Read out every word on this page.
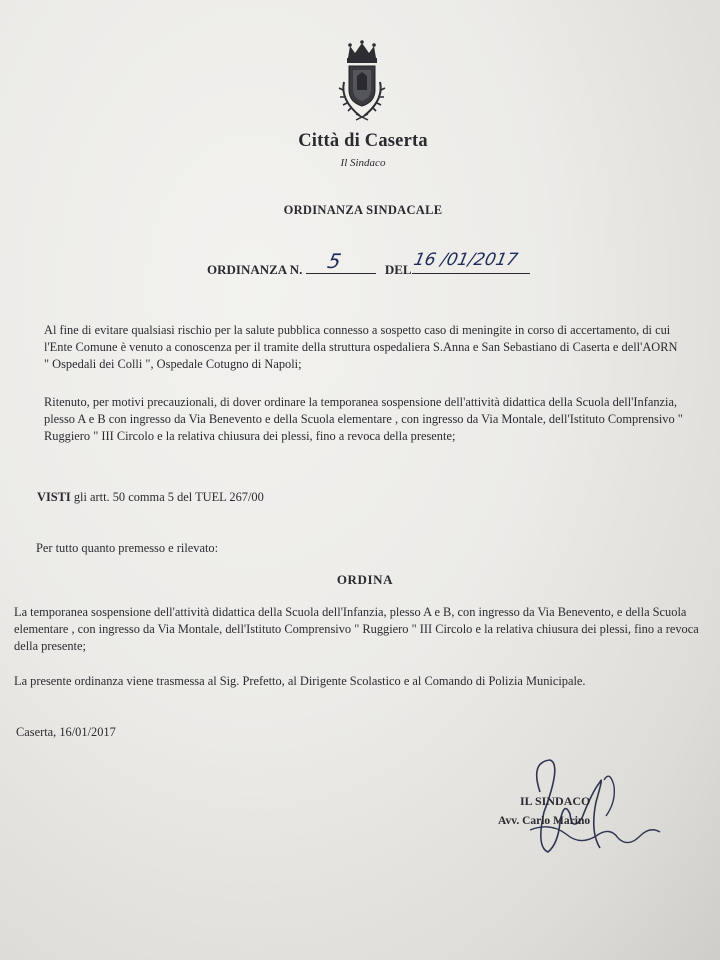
Città di Caserta
Il Sindaco
ORDINANZA SINDACALE
ORDINANZA N. 5	DEL 16 /01/2017

Al fine di evitare qualsiasi rischio per la salute pubblica connesso a sospetto caso di meningite in corso di accertamento, di cui l'Ente Comune è venuto a conoscenza per il tramite della struttura ospedaliera S.Anna e San Sebastiano di Caserta e dell'AORN " Ospedali dei Colli ", Ospedale Cotugno di Napoli;

Ritenuto, per motivi precauzionali, di dover ordinare la temporanea sospensione dell'attività didattica della Scuola dell'Infanzia, plesso A e B con ingresso da Via Benevento e della Scuola elementare , con ingresso da Via Montale, dell'Istituto Comprensivo " Ruggiero " III Circolo e la relativa chiusura dei plessi, fino a revoca della presente;

VISTI gli artt. 50 comma 5 del TUEL 267/00

Per tutto quanto premesso e rilevato:

ORDINA

La temporanea sospensione dell'attività didattica della Scuola dell'Infanzia, plesso A e B, con ingresso da Via Benevento, e della Scuola elementare , con ingresso da Via Montale, dell'Istituto Comprensivo " Ruggiero " III Circolo e la relativa chiusura dei plessi, fino a revoca della presente;

La presente ordinanza viene trasmessa al Sig. Prefetto, al Dirigente Scolastico e al Comando di Polizia Municipale.

Caserta, 16/01/2017

IL SINDACO
Avv. Carlo Marino
